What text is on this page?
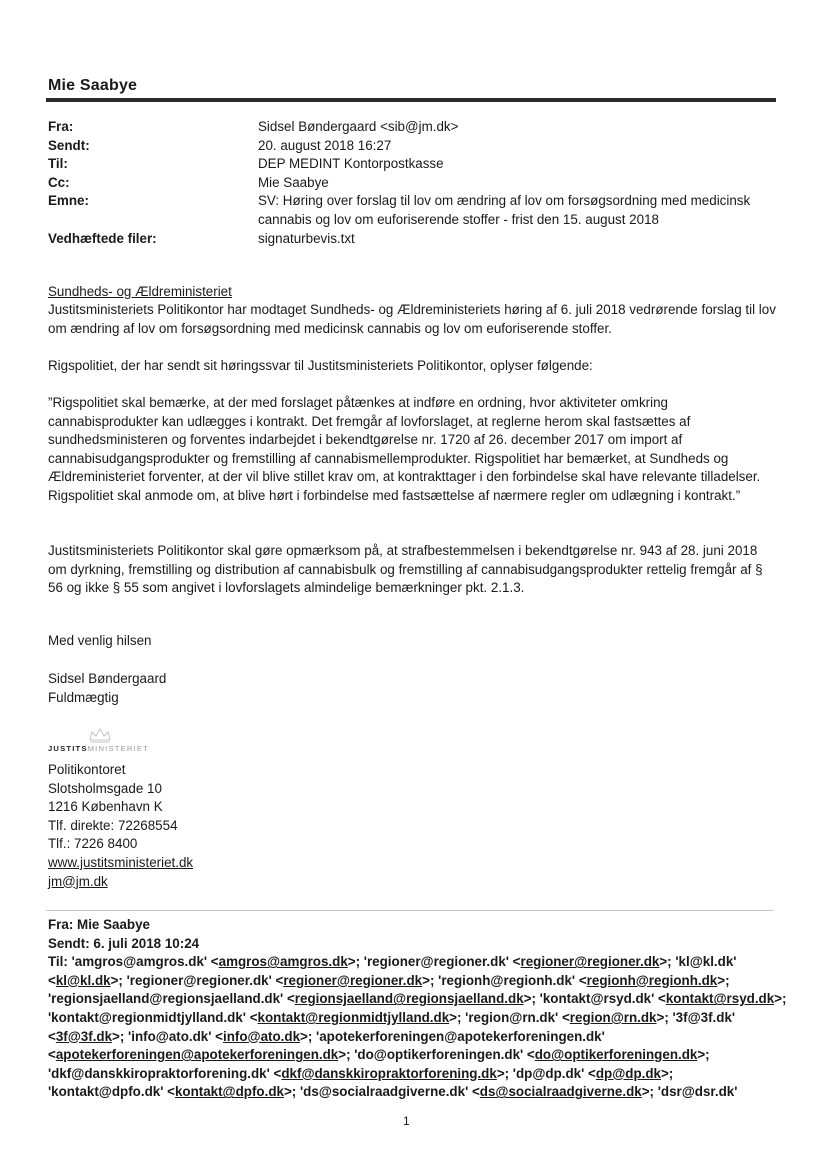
Mie Saabye
Fra:	Sidsel Bøndergaard <sib@jm.dk>
Sendt:	20. august 2018 16:27
Til:	DEP MEDINT Kontorpostkasse
Cc:	Mie Saabye
Emne:	SV: Høring over forslag til lov om ændring af lov om forsøgsordning med medicinsk cannabis og lov om euforiserende stoffer - frist den 15. august 2018
Vedhæftede filer:	signaturbevis.txt
Sundheds- og Ældreministeriet
Justitsministeriets Politikontor har modtaget Sundheds- og Ældreministeriets høring af 6. juli 2018 vedrørende forslag til lov om ændring af lov om forsøgsordning med medicinsk cannabis og lov om euforiserende stoffer.
Rigspolitiet, der har sendt sit høringssvar til Justitsministeriets Politikontor, oplyser følgende:
”Rigspolitiet skal bemærke, at der med forslaget påtænkes at indføre en ordning, hvor aktiviteter omkring cannabisprodukter kan udlægges i kontrakt. Det fremgår af lovforslaget, at reglerne herom skal fastsættes af sundhedsministeren og forventes indarbejdet i bekendtgørelse nr. 1720 af 26. december 2017 om import af cannabisudgangsprodukter og fremstilling af cannabismellemprodukter. Rigspolitiet har bemærket, at Sundheds og Ældreministeriet forventer, at der vil blive stillet krav om, at kontrakttager i den forbindelse skal have relevante tilladelser. Rigspolitiet skal anmode om, at blive hørt i forbindelse med fastsættelse af nærmere regler om udlægning i kontrakt.”
Justitsministeriets Politikontor skal gøre opmærksom på, at strafbestemmelsen i bekendtgørelse nr. 943 af 28. juni 2018 om dyrkning, fremstilling og distribution af cannabisbulk og fremstilling af cannabisudgangsprodukter rettelig fremgår af § 56 og ikke § 55 som angivet i lovforslagets almindelige bemærkninger pkt. 2.1.3.
Med venlig hilsen
Sidsel Bøndergaard
Fuldmægtig
JUSTITSMINISTERIET
Politikontoret
Slotsholmsgade 10
1216 København K
Tlf. direkte: 72268554
Tlf.: 7226 8400
www.justitsministeriet.dk
jm@jm.dk
Fra: Mie Saabye
Sendt: 6. juli 2018 10:24
Til: 'amgros@amgros.dk' <amgros@amgros.dk>; 'regioner@regioner.dk' <regioner@regioner.dk>; 'kl@kl.dk'
<kl@kl.dk>; 'regioner@regioner.dk' <regioner@regioner.dk>; 'regionh@regionh.dk' <regionh@regionh.dk>;
'regionsjaelland@regionsjaelland.dk' <regionsjaelland@regionsjaelland.dk>; 'kontakt@rsyd.dk' <kontakt@rsyd.dk>;
'kontakt@regionmidtjylland.dk' <kontakt@regionmidtjylland.dk>; 'region@rn.dk' <region@rn.dk>; '3f@3f.dk'
<3f@3f.dk>; 'info@ato.dk' <info@ato.dk>; 'apotekerforeningen@apotekerforeningen.dk'
<apotekerforeningen@apotekerforeningen.dk>; 'do@optikerforeningen.dk' <do@optikerforeningen.dk>;
'dkf@danskkiropraktorforening.dk' <dkf@danskkiropraktorforening.dk>; 'dp@dp.dk' <dp@dp.dk>;
'kontakt@dpfo.dk' <kontakt@dpfo.dk>; 'ds@socialraadgiverne.dk' <ds@socialraadgiverne.dk>; 'dsr@dsr.dk'
1
